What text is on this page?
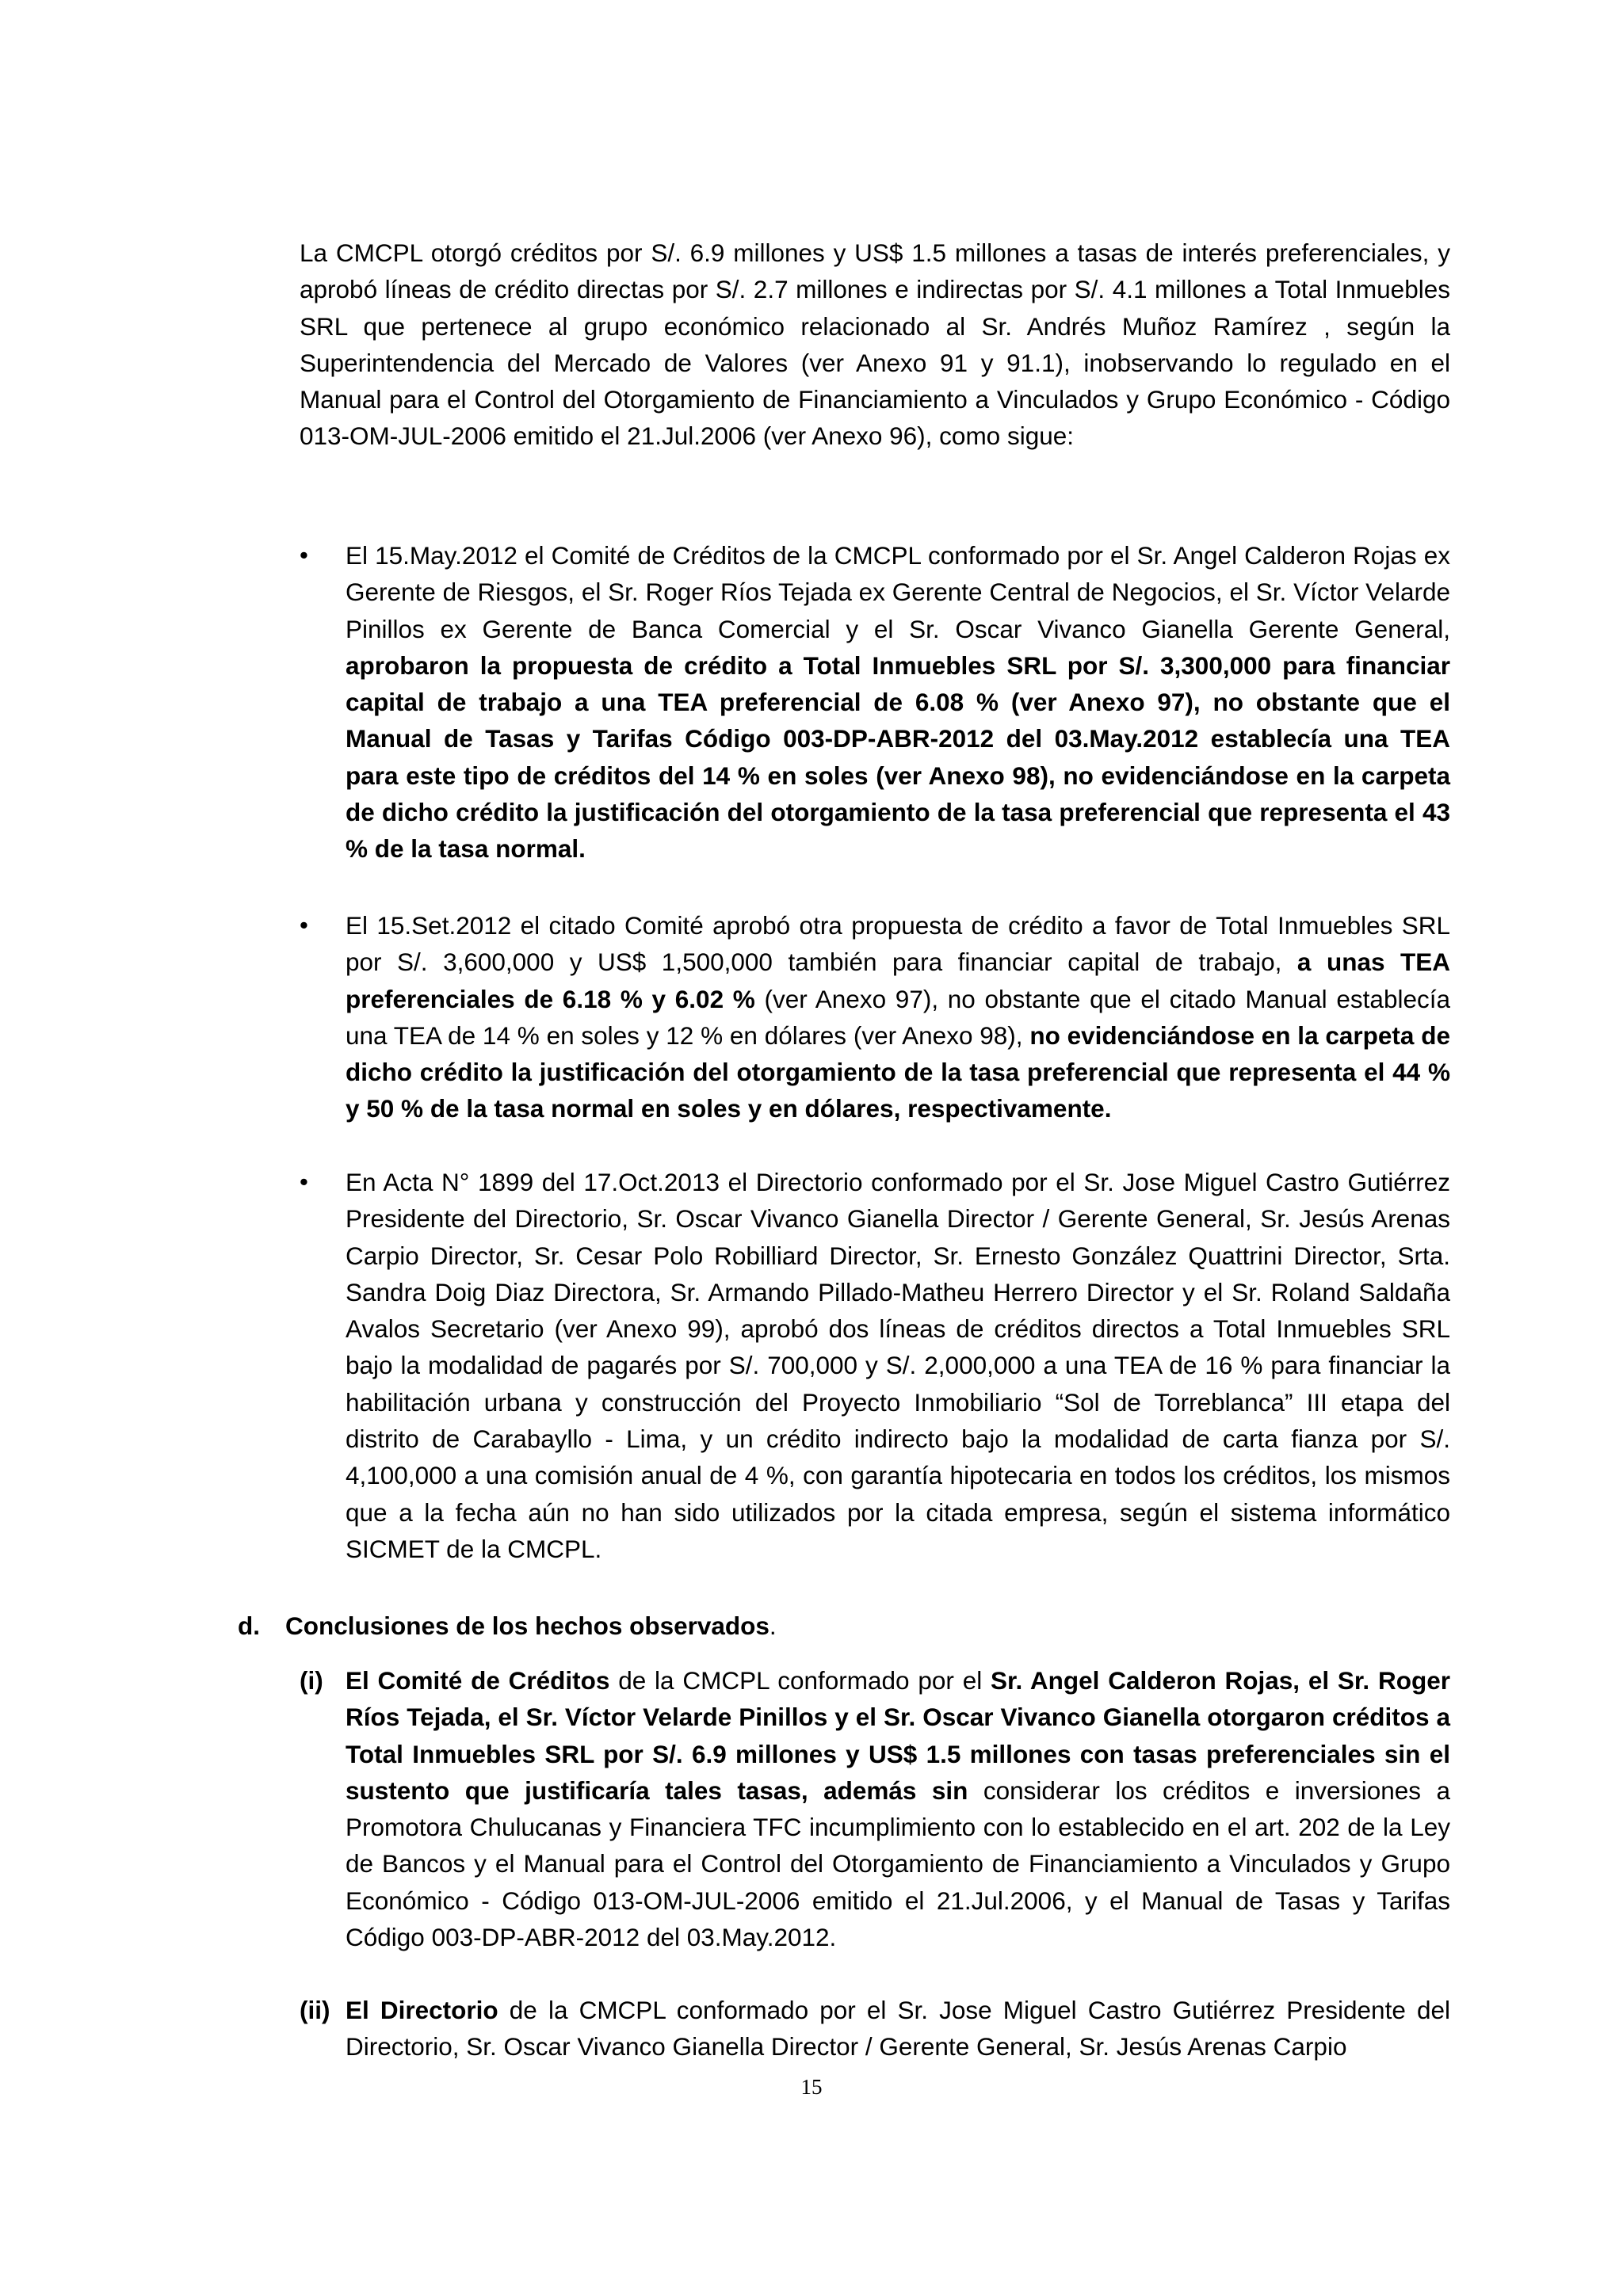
La CMCPL otorgó créditos por S/. 6.9 millones y US$ 1.5 millones a tasas de interés preferenciales, y aprobó líneas de crédito directas por S/. 2.7 millones e indirectas por S/. 4.1 millones a Total Inmuebles SRL que pertenece al grupo económico relacionado al Sr. Andrés Muñoz Ramírez , según la Superintendencia del Mercado de Valores (ver Anexo 91 y 91.1), inobservando lo regulado en el Manual para el Control del Otorgamiento de Financiamiento a Vinculados y Grupo Económico - Código 013-OM-JUL-2006 emitido el 21.Jul.2006 (ver Anexo 96), como sigue:

•	El 15.May.2012 el Comité de Créditos de la CMCPL conformado por el Sr. Angel Calderon Rojas ex Gerente de Riesgos, el Sr. Roger Ríos Tejada ex Gerente Central de Negocios, el Sr. Víctor Velarde Pinillos ex Gerente de Banca Comercial y el Sr. Oscar Vivanco Gianella Gerente General, aprobaron la propuesta de crédito a Total Inmuebles SRL por S/. 3,300,000 para financiar capital de trabajo a una TEA preferencial de 6.08 % (ver Anexo 97), no obstante que el Manual de Tasas y Tarifas Código 003-DP-ABR-2012 del 03.May.2012 establecía una TEA para este tipo de créditos del 14 % en soles (ver Anexo 98), no evidenciándose en la carpeta de dicho crédito la justificación del otorgamiento de la tasa preferencial que representa el 43 % de la tasa normal.

•	El 15.Set.2012 el citado Comité aprobó otra propuesta de crédito a favor de Total Inmuebles SRL por S/. 3,600,000 y US$ 1,500,000 también para financiar capital de trabajo, a unas TEA preferenciales de 6.18 % y 6.02 % (ver Anexo 97), no obstante que el citado Manual establecía una TEA de 14 % en soles y 12 % en dólares (ver Anexo 98), no evidenciándose en la carpeta de dicho crédito la justificación del otorgamiento de la tasa preferencial que representa el 44 % y 50 % de la tasa normal en soles y en dólares, respectivamente.

•	En Acta N° 1899 del 17.Oct.2013 el Directorio conformado por el Sr. Jose Miguel Castro Gutiérrez Presidente del Directorio, Sr. Oscar Vivanco Gianella Director / Gerente General, Sr. Jesús Arenas Carpio Director, Sr. Cesar Polo Robilliard Director, Sr. Ernesto González Quattrini Director, Srta. Sandra Doig Diaz Directora, Sr. Armando Pillado-Matheu Herrero Director y el Sr. Roland Saldaña Avalos Secretario (ver Anexo 99), aprobó dos líneas de créditos directos a Total Inmuebles SRL bajo la modalidad de pagarés por S/. 700,000 y S/. 2,000,000 a una TEA de 16 % para financiar la habilitación urbana y construcción del Proyecto Inmobiliario “Sol de Torreblanca” III etapa del distrito de Carabayllo - Lima, y un crédito indirecto bajo la modalidad de carta fianza por S/. 4,100,000 a una comisión anual de 4 %, con garantía hipotecaria en todos los créditos, los mismos que a la fecha aún no han sido utilizados por la citada empresa, según el sistema informático SICMET de la CMCPL.

d. Conclusiones de los hechos observados.
(i) El Comité de Créditos de la CMCPL conformado por el Sr. Angel Calderon Rojas, el Sr. Roger Ríos Tejada, el Sr. Víctor Velarde Pinillos y el Sr. Oscar Vivanco Gianella otorgaron créditos a Total Inmuebles SRL por S/. 6.9 millones y US$ 1.5 millones con tasas preferenciales sin el sustento que justificaría tales tasas, además sin considerar los créditos e inversiones a Promotora Chulucanas y Financiera TFC incumplimiento con lo establecido en el art. 202 de la Ley de Bancos y el Manual para el Control del Otorgamiento de Financiamiento a Vinculados y Grupo Económico - Código 013-OM-JUL-2006 emitido el 21.Jul.2006, y el Manual de Tasas y Tarifas Código 003-DP-ABR-2012 del 03.May.2012.

(ii) El Directorio de la CMCPL conformado por el Sr. Jose Miguel Castro Gutiérrez Presidente del Directorio, Sr. Oscar Vivanco Gianella Director / Gerente General, Sr. Jesús Arenas Carpio

15
